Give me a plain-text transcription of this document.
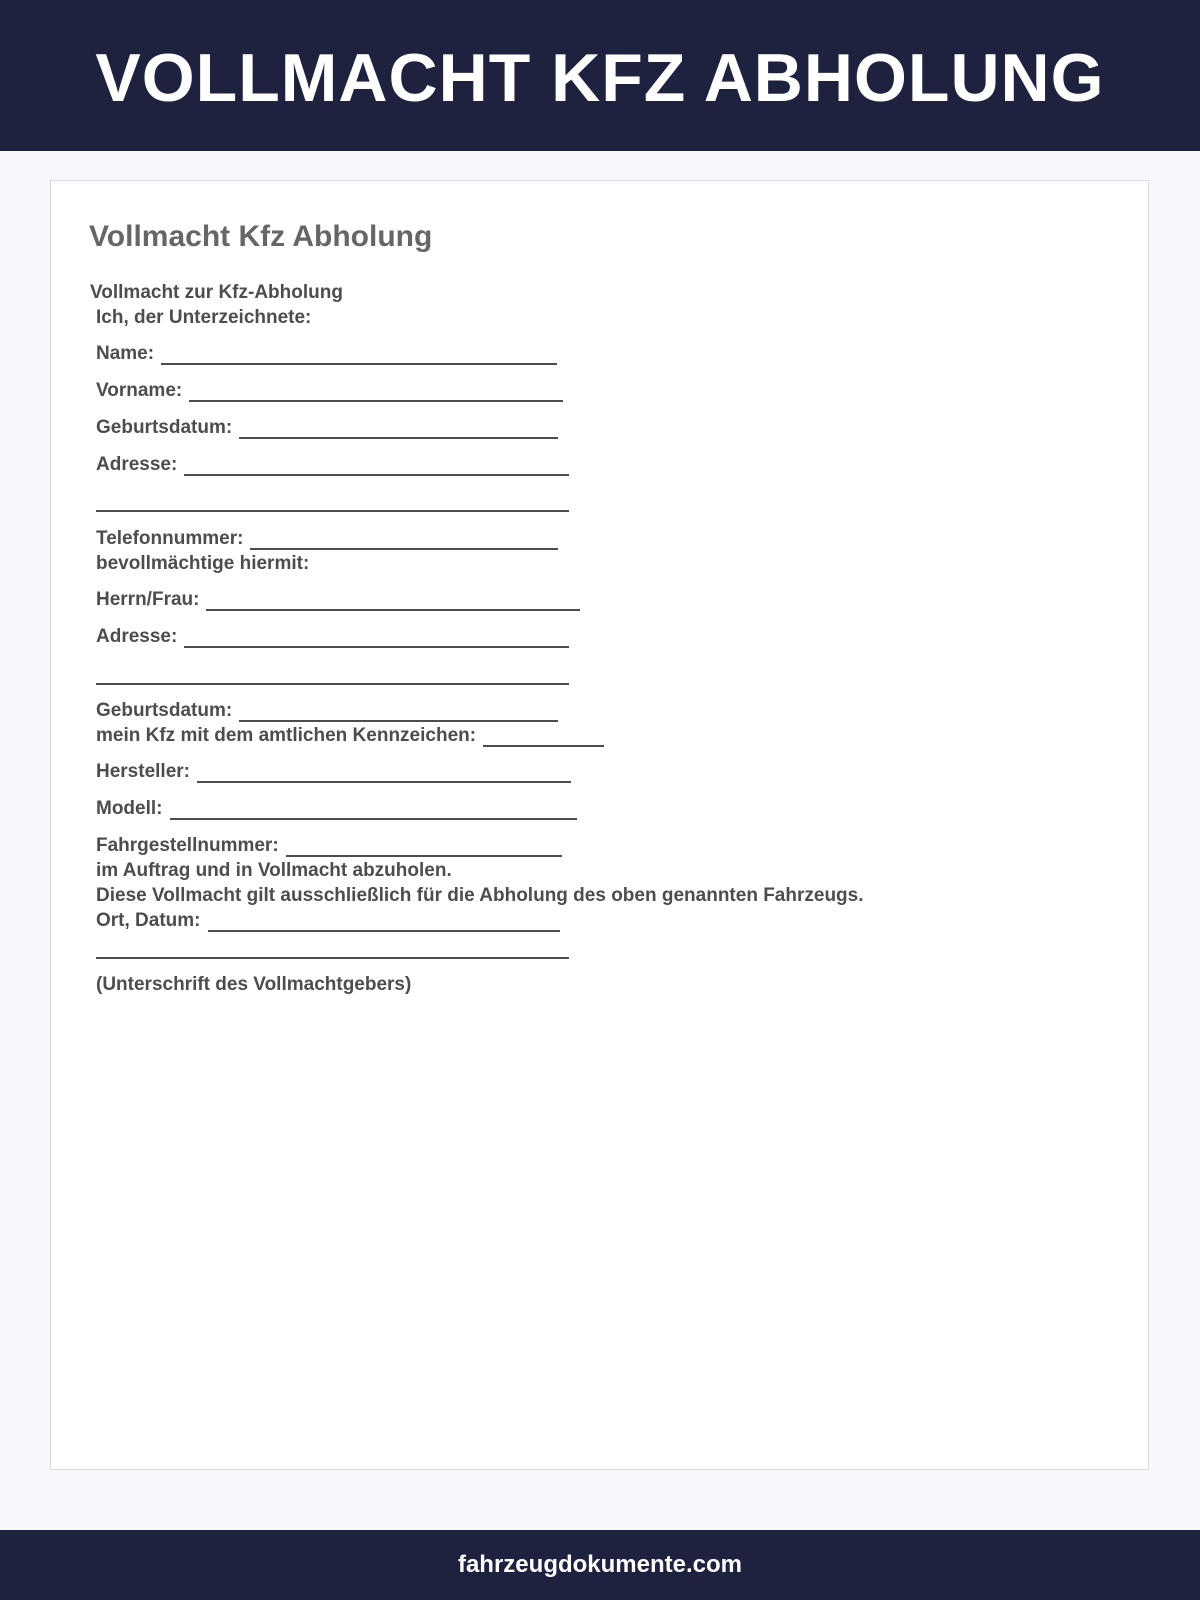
VOLLMACHT KFZ ABHOLUNG
Vollmacht Kfz Abholung
Vollmacht zur Kfz-Abholung
Ich, der Unterzeichnete:
Name:
Vorname:
Geburtsdatum:
Adresse:
Telefonnummer:
bevollmächtige hiermit:
Herrn/Frau:
Adresse:
Geburtsdatum:
mein Kfz mit dem amtlichen Kennzeichen:
Hersteller:
Modell:
Fahrgestellnummer:
im Auftrag und in Vollmacht abzuholen.
Diese Vollmacht gilt ausschließlich für die Abholung des oben genannten Fahrzeugs.
Ort, Datum:
(Unterschrift des Vollmachtgebers)
fahrzeugdokumente.com
